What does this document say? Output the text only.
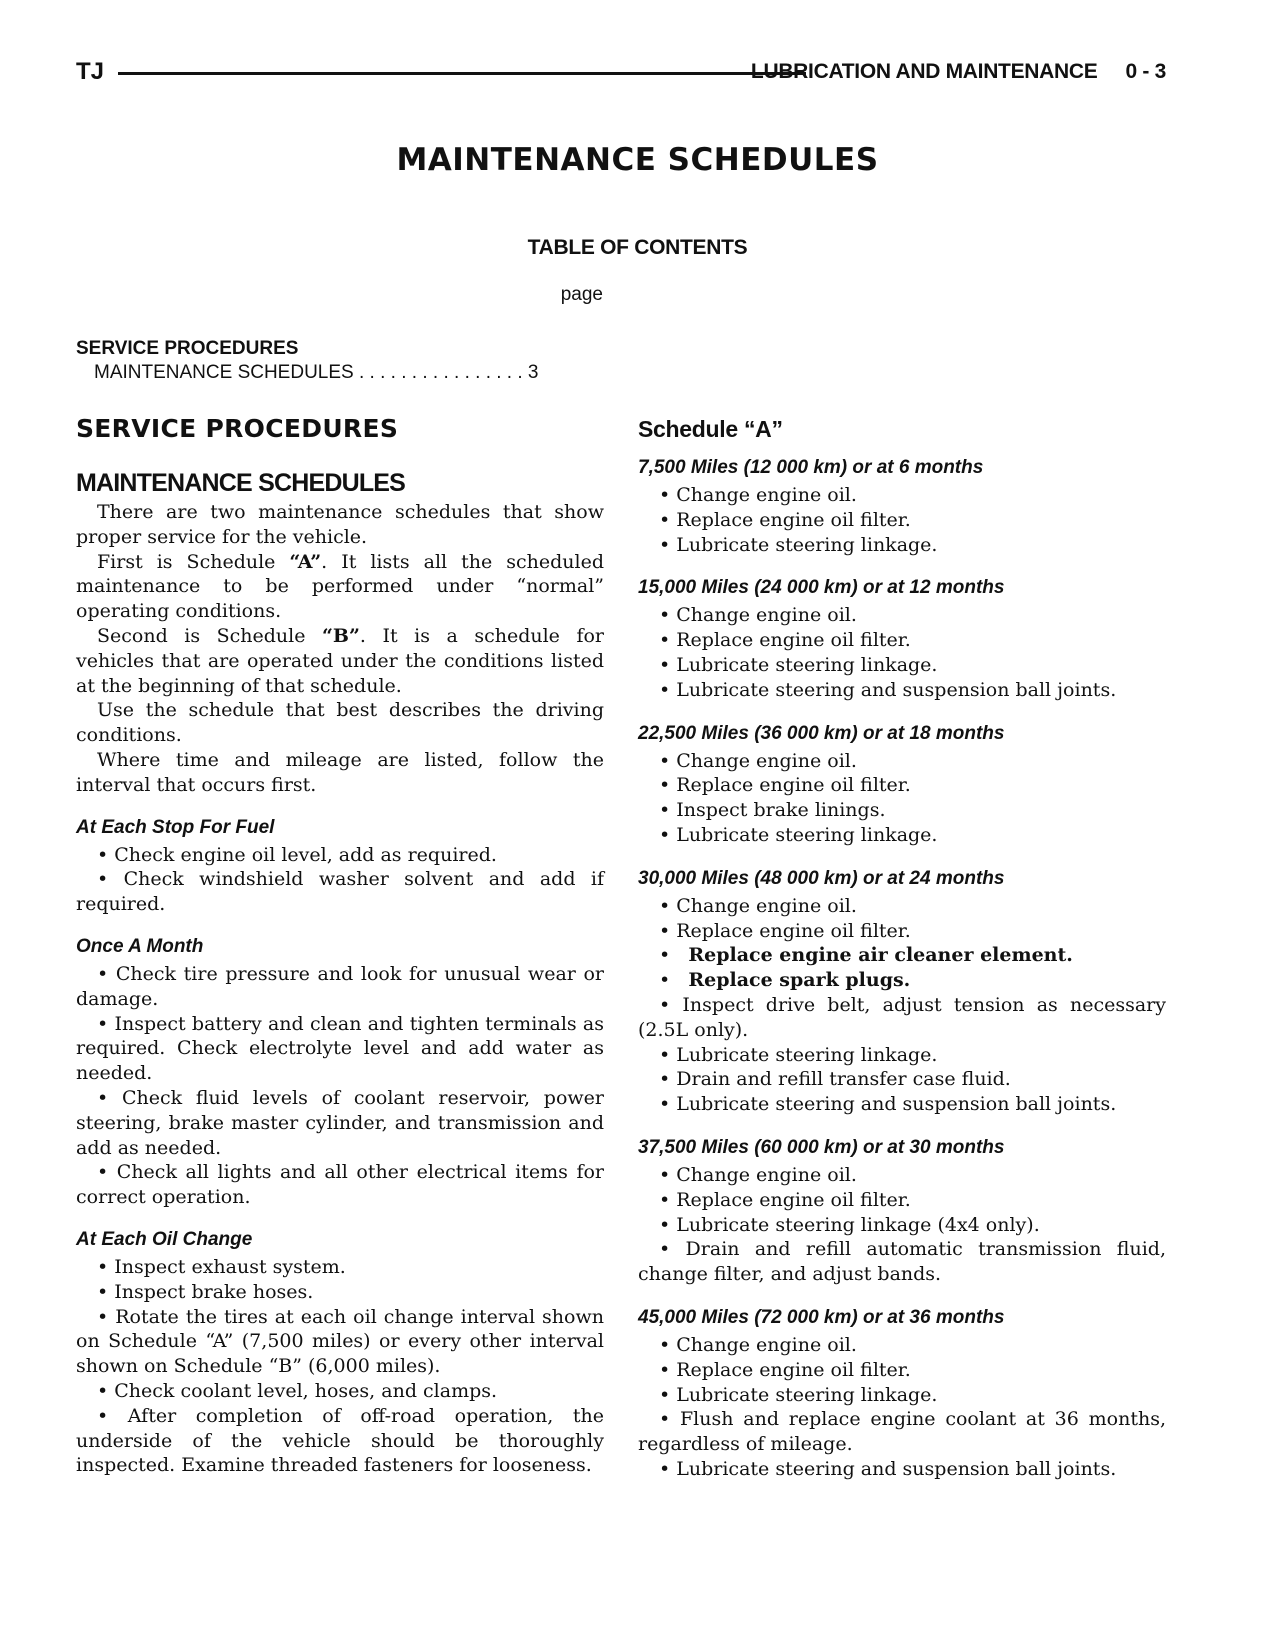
TJ	LUBRICATION AND MAINTENANCE 0 - 3
MAINTENANCE SCHEDULES
TABLE OF CONTENTS
page
SERVICE PROCEDURES
MAINTENANCE SCHEDULES . . . . . . . . . . . . . . . . 3
SERVICE PROCEDURES
MAINTENANCE SCHEDULES

There are two maintenance schedules that show proper service for the vehicle.

First is Schedule “A”. It lists all the scheduled maintenance to be performed under “normal” operating conditions.

Second is Schedule “B”. It is a schedule for vehicles that are operated under the conditions listed at the beginning of that schedule.

Use the schedule that best describes the driving conditions.

Where time and mileage are listed, follow the interval that occurs first.

At Each Stop For Fuel

• Check engine oil level, add as required.

• Check windshield washer solvent and add if required.

Once A Month

• Check tire pressure and look for unusual wear or damage.

• Inspect battery and clean and tighten terminals as required. Check electrolyte level and add water as needed.

• Check fluid levels of coolant reservoir, power steering, brake master cylinder, and transmission and add as needed.

• Check all lights and all other electrical items for correct operation.

At Each Oil Change

• Inspect exhaust system.

• Inspect brake hoses.

• Rotate the tires at each oil change interval shown on Schedule “A” (7,500 miles) or every other interval shown on Schedule “B” (6,000 miles).

• Check coolant level, hoses, and clamps.

• After completion of off-road operation, the underside of the vehicle should be thoroughly inspected. Examine threaded fasteners for looseness.

Schedule “A”
7,500 Miles (12 000 km) or at 6 months

• Change engine oil.

• Replace engine oil filter.

• Lubricate steering linkage.

15,000 Miles (24 000 km) or at 12 months

• Change engine oil.

• Replace engine oil filter.

• Lubricate steering linkage.

• Lubricate steering and suspension ball joints.

22,500 Miles (36 000 km) or at 18 months

• Change engine oil.

• Replace engine oil filter.

• Inspect brake linings.

• Lubricate steering linkage.

30,000 Miles (48 000 km) or at 24 months

• Change engine oil.

• Replace engine oil filter.

•   Replace engine air cleaner element.

•   Replace spark plugs.

• Inspect drive belt, adjust tension as necessary (2.5L only).

• Lubricate steering linkage.

• Drain and refill transfer case fluid.

• Lubricate steering and suspension ball joints.

37,500 Miles (60 000 km) or at 30 months

• Change engine oil.

• Replace engine oil filter.

• Lubricate steering linkage (4x4 only).

• Drain and refill automatic transmission fluid, change filter, and adjust bands.

45,000 Miles (72 000 km) or at 36 months

• Change engine oil.

• Replace engine oil filter.

• Lubricate steering linkage.

• Flush and replace engine coolant at 36 months, regardless of mileage.

• Lubricate steering and suspension ball joints.
